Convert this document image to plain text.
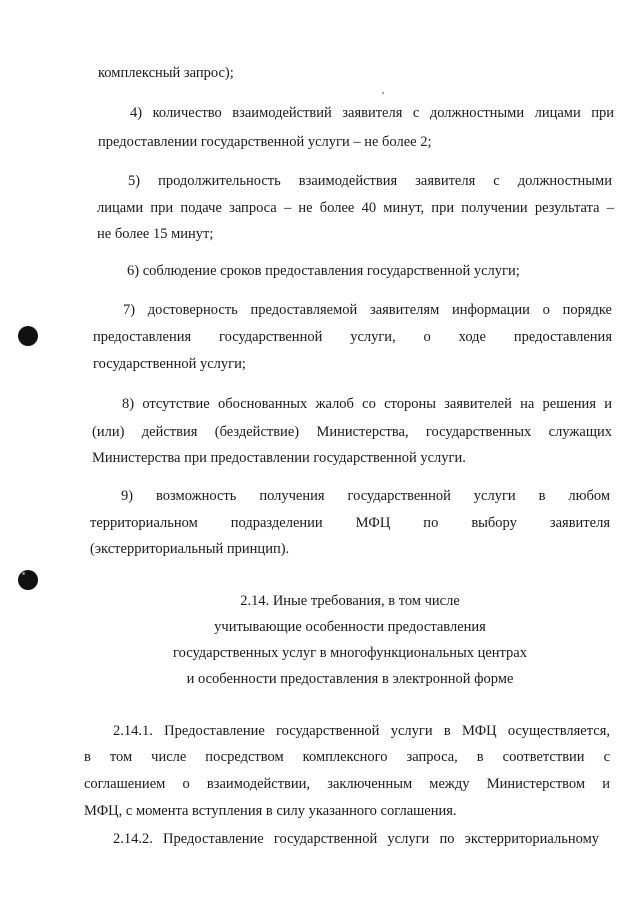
комплексный запрос);
4) количество взаимодействий заявителя с должностными лицами при
предоставлении государственной услуги – не более 2;
5) продолжительность взаимодействия заявителя с должностными
лицами при подаче запроса – не более 40 минут, при получении результата –
не более 15 минут;
6) соблюдение сроков предоставления государственной услуги;
7) достоверность предоставляемой заявителям информации о порядке
предоставления государственной услуги, о ходе предоставления
государственной услуги;
8) отсутствие обоснованных жалоб со стороны заявителей на решения и
(или) действия (бездействие) Министерства, государственных служащих
Министерства при предоставлении государственной услуги.
9) возможность получения государственной услуги в любом
территориальном подразделении МФЦ по выбору заявителя
(экстерриториальный принцип).
2.14. Иные требования, в том числе
учитывающие особенности предоставления
государственных услуг в многофункциональных центрах
и особенности предоставления в электронной форме
2.14.1. Предоставление государственной услуги в МФЦ осуществляется,
в том числе посредством комплексного запроса, в соответствии с
соглашением о взаимодействии, заключенным между Министерством и
МФЦ, с момента вступления в силу указанного соглашения.
2.14.2. Предоставление государственной услуги по экстерриториальному
